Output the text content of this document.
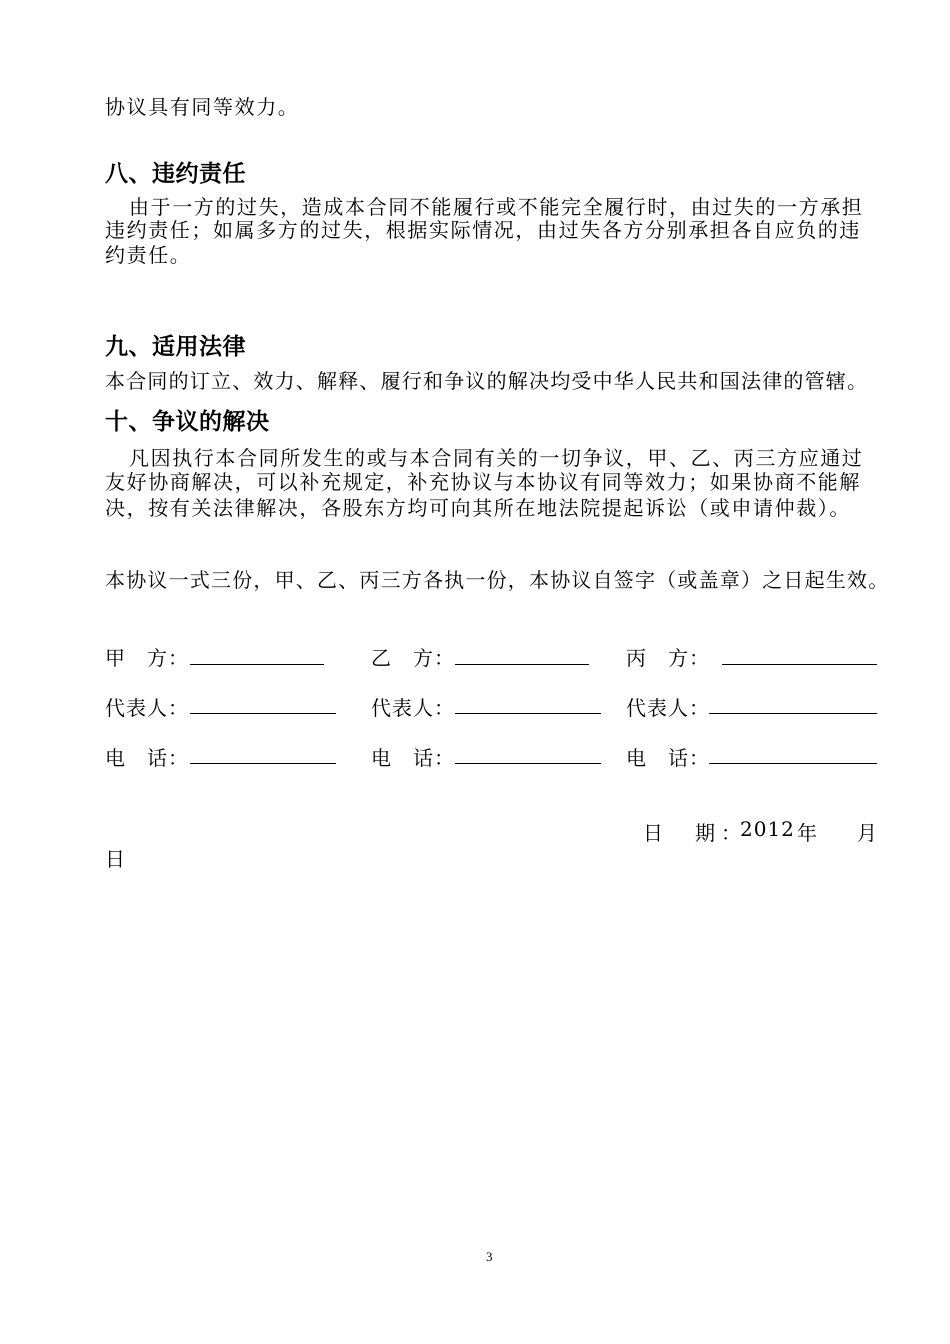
协议具有同等效力。
八、违约责任
由于一方的过失，造成本合同不能履行或不能完全履行时，由过失的一方承担
违约责任；如属多方的过失，根据实际情况，由过失各方分别承担各自应负的违
约责任。
九、适用法律
本合同的订立、效力、解释、履行和争议的解决均受中华人民共和国法律的管辖。
十、争议的解决
凡因执行本合同所发生的或与本合同有关的一切争议，甲、乙、丙三方应通过
友好协商解决，可以补充规定，补充协议与本协议有同等效力；如果协商不能解
决，按有关法律解决，各股东方均可向其所在地法院提起诉讼（或申请仲裁）。
本协议一式三份，甲、乙、丙三方各执一份，本协议自签字（或盖章）之日起生效。
甲　方：	乙　方：	丙　方：
代表人：	代表人：	代表人：
电　话：	电　话：	电　话：
日　期：
2012 年 月
日
3
